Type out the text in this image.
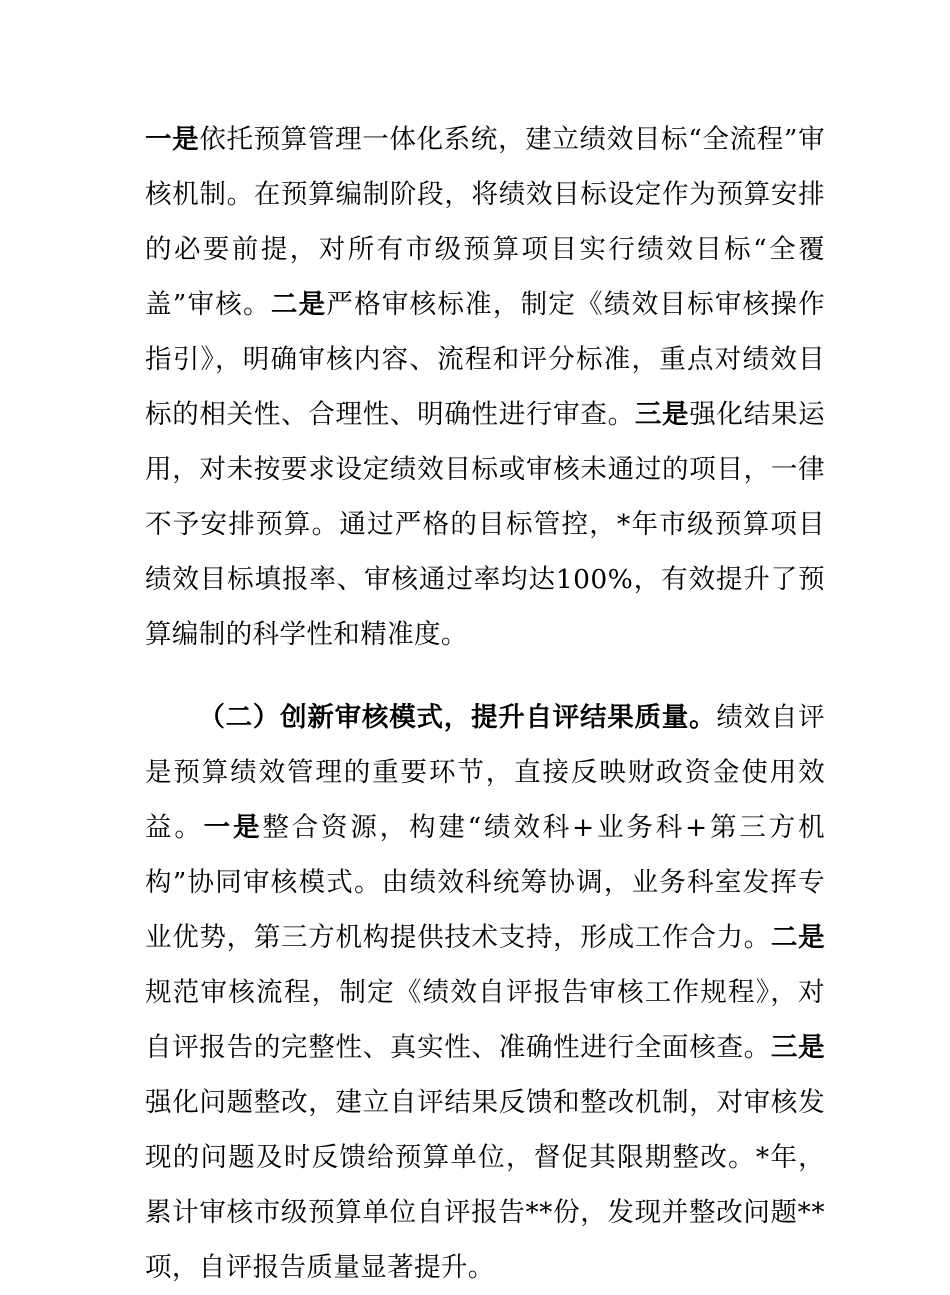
一是依托预算管理一体化系统，建立绩效目标“全流程”审核机制。在预算编制阶段，将绩效目标设定作为预算安排的必要前提，对所有市级预算项目实行绩效目标“全覆盖”审核。二是严格审核标准，制定《绩效目标审核操作指引》，明确审核内容、流程和评分标准，重点对绩效目标的相关性、合理性、明确性进行审查。三是强化结果运用，对未按要求设定绩效目标或审核未通过的项目，一律不予安排预算。通过严格的目标管控，*年市级预算项目绩效目标填报率、审核通过率均达100%，有效提升了预算编制的科学性和精准度。

（二）创新审核模式，提升自评结果质量。绩效自评是预算绩效管理的重要环节，直接反映财政资金使用效益。一是整合资源，构建“绩效科+业务科+第三方机构”协同审核模式。由绩效科统筹协调，业务科室发挥专业优势，第三方机构提供技术支持，形成工作合力。二是规范审核流程，制定《绩效自评报告审核工作规程》，对自评报告的完整性、真实性、准确性进行全面核查。三是强化问题整改，建立自评结果反馈和整改机制，对审核发现的问题及时反馈给预算单位，督促其限期整改。*年，累计审核市级预算单位自评报告**份，发现并整改问题**项，自评报告质量显著提升。
